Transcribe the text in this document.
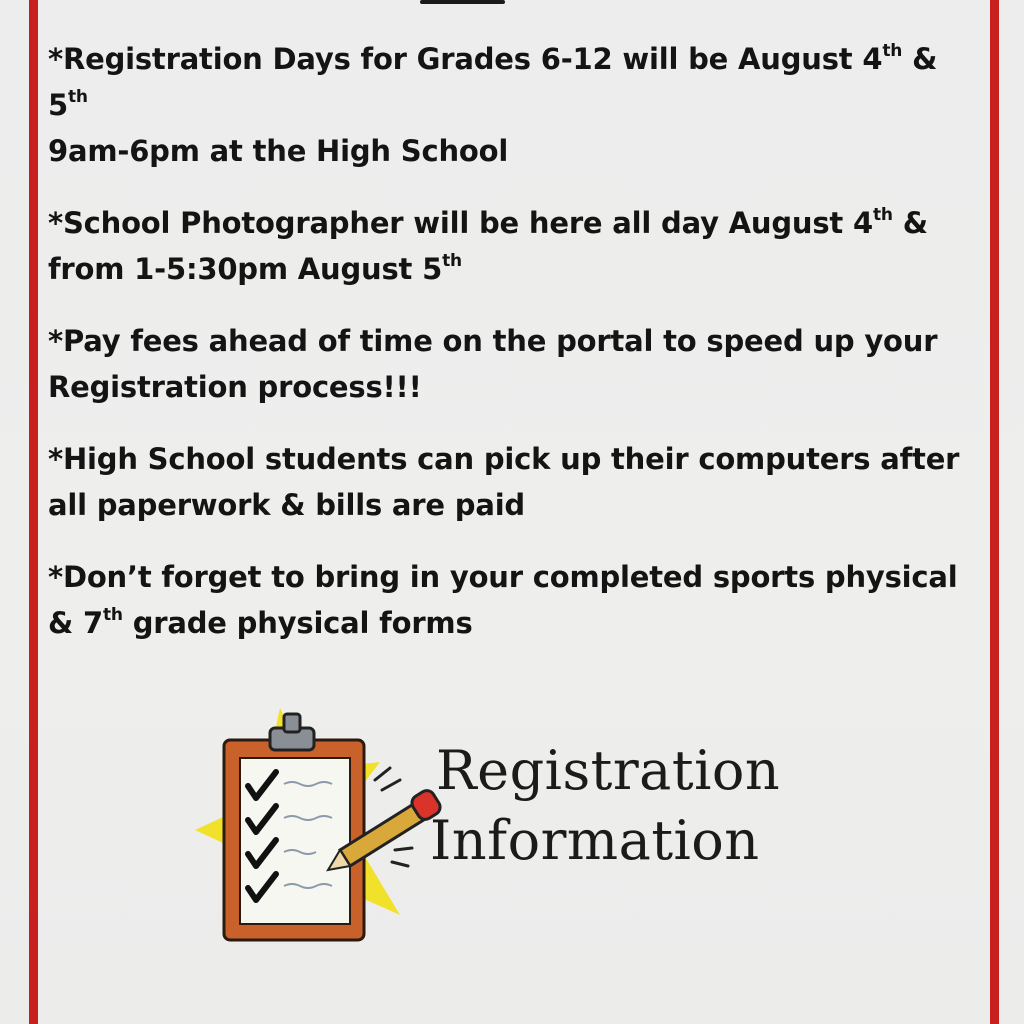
*Registration Days for Grades 6-12 will be August 4th & 5th
9am-6pm at the High School

*School Photographer will be here all day August 4th & from 1-5:30pm August 5th

*Pay fees ahead of time on the portal to speed up your Registration process!!!

*High School students can pick up their computers after all paperwork & bills are paid

*Don’t forget to bring in your completed sports physical & 7th grade physical forms

Registration
Information
